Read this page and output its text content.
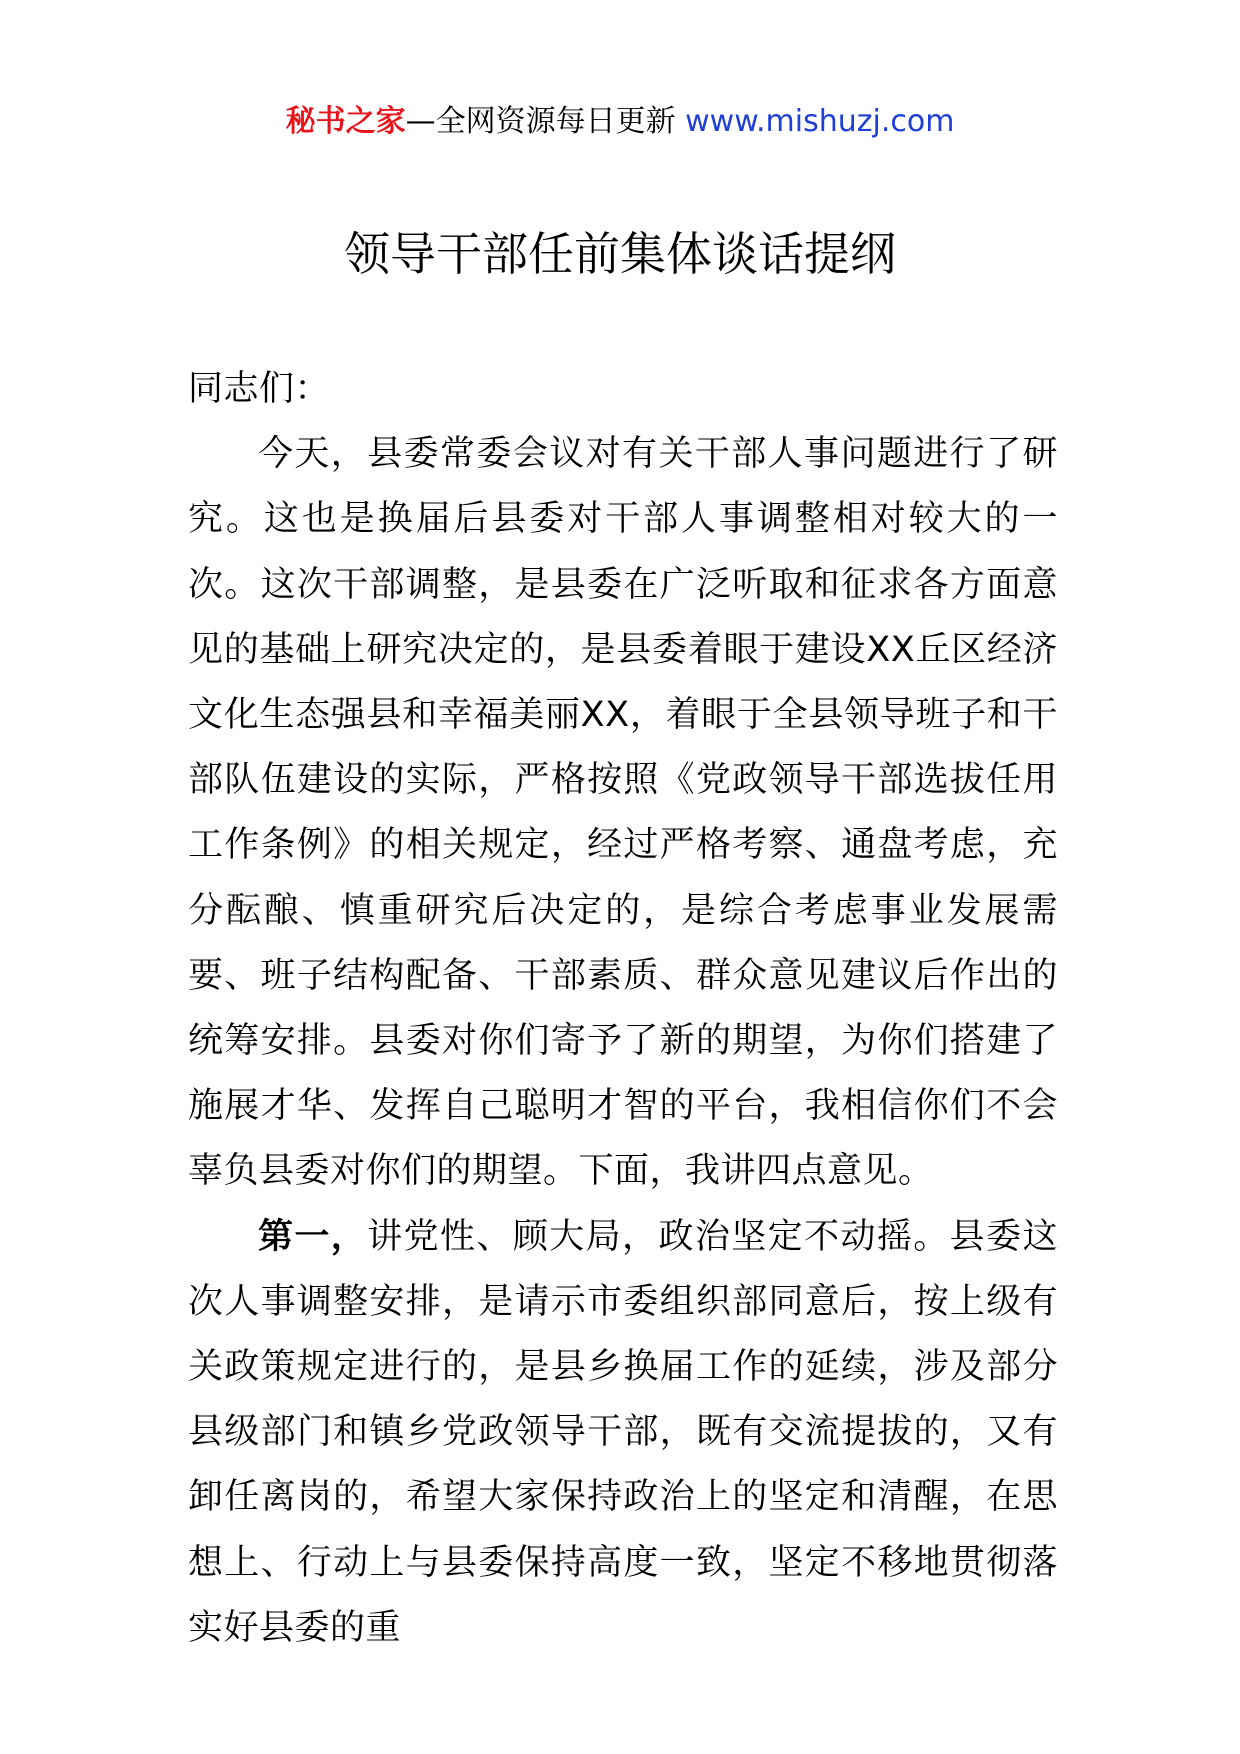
秘书之家—全网资源每日更新 www.mishuzj.com
领导干部任前集体谈话提纲

同志们：

今天，县委常委会议对有关干部人事问题进行了研究。这也是换届后县委对干部人事调整相对较大的一次。这次干部调整，是县委在广泛听取和征求各方面意见的基础上研究决定的，是县委着眼于建设XX丘区经济文化生态强县和幸福美丽XX，着眼于全县领导班子和干部队伍建设的实际，严格按照《党政领导干部选拔任用工作条例》的相关规定，经过严格考察、通盘考虑，充分酝酿、慎重研究后决定的，是综合考虑事业发展需要、班子结构配备、干部素质、群众意见建议后作出的统筹安排。县委对你们寄予了新的期望，为你们搭建了施展才华、发挥自己聪明才智的平台，我相信你们不会辜负县委对你们的期望。下面，我讲四点意见。

第一，讲党性、顾大局，政治坚定不动摇。县委这次人事调整安排，是请示市委组织部同意后，按上级有关政策规定进行的，是县乡换届工作的延续，涉及部分县级部门和镇乡党政领导干部，既有交流提拔的，又有卸任离岗的，希望大家保持政治上的坚定和清醒，在思想上、行动上与县委保持高度一致，坚定不移地贯彻落实好县委的重
